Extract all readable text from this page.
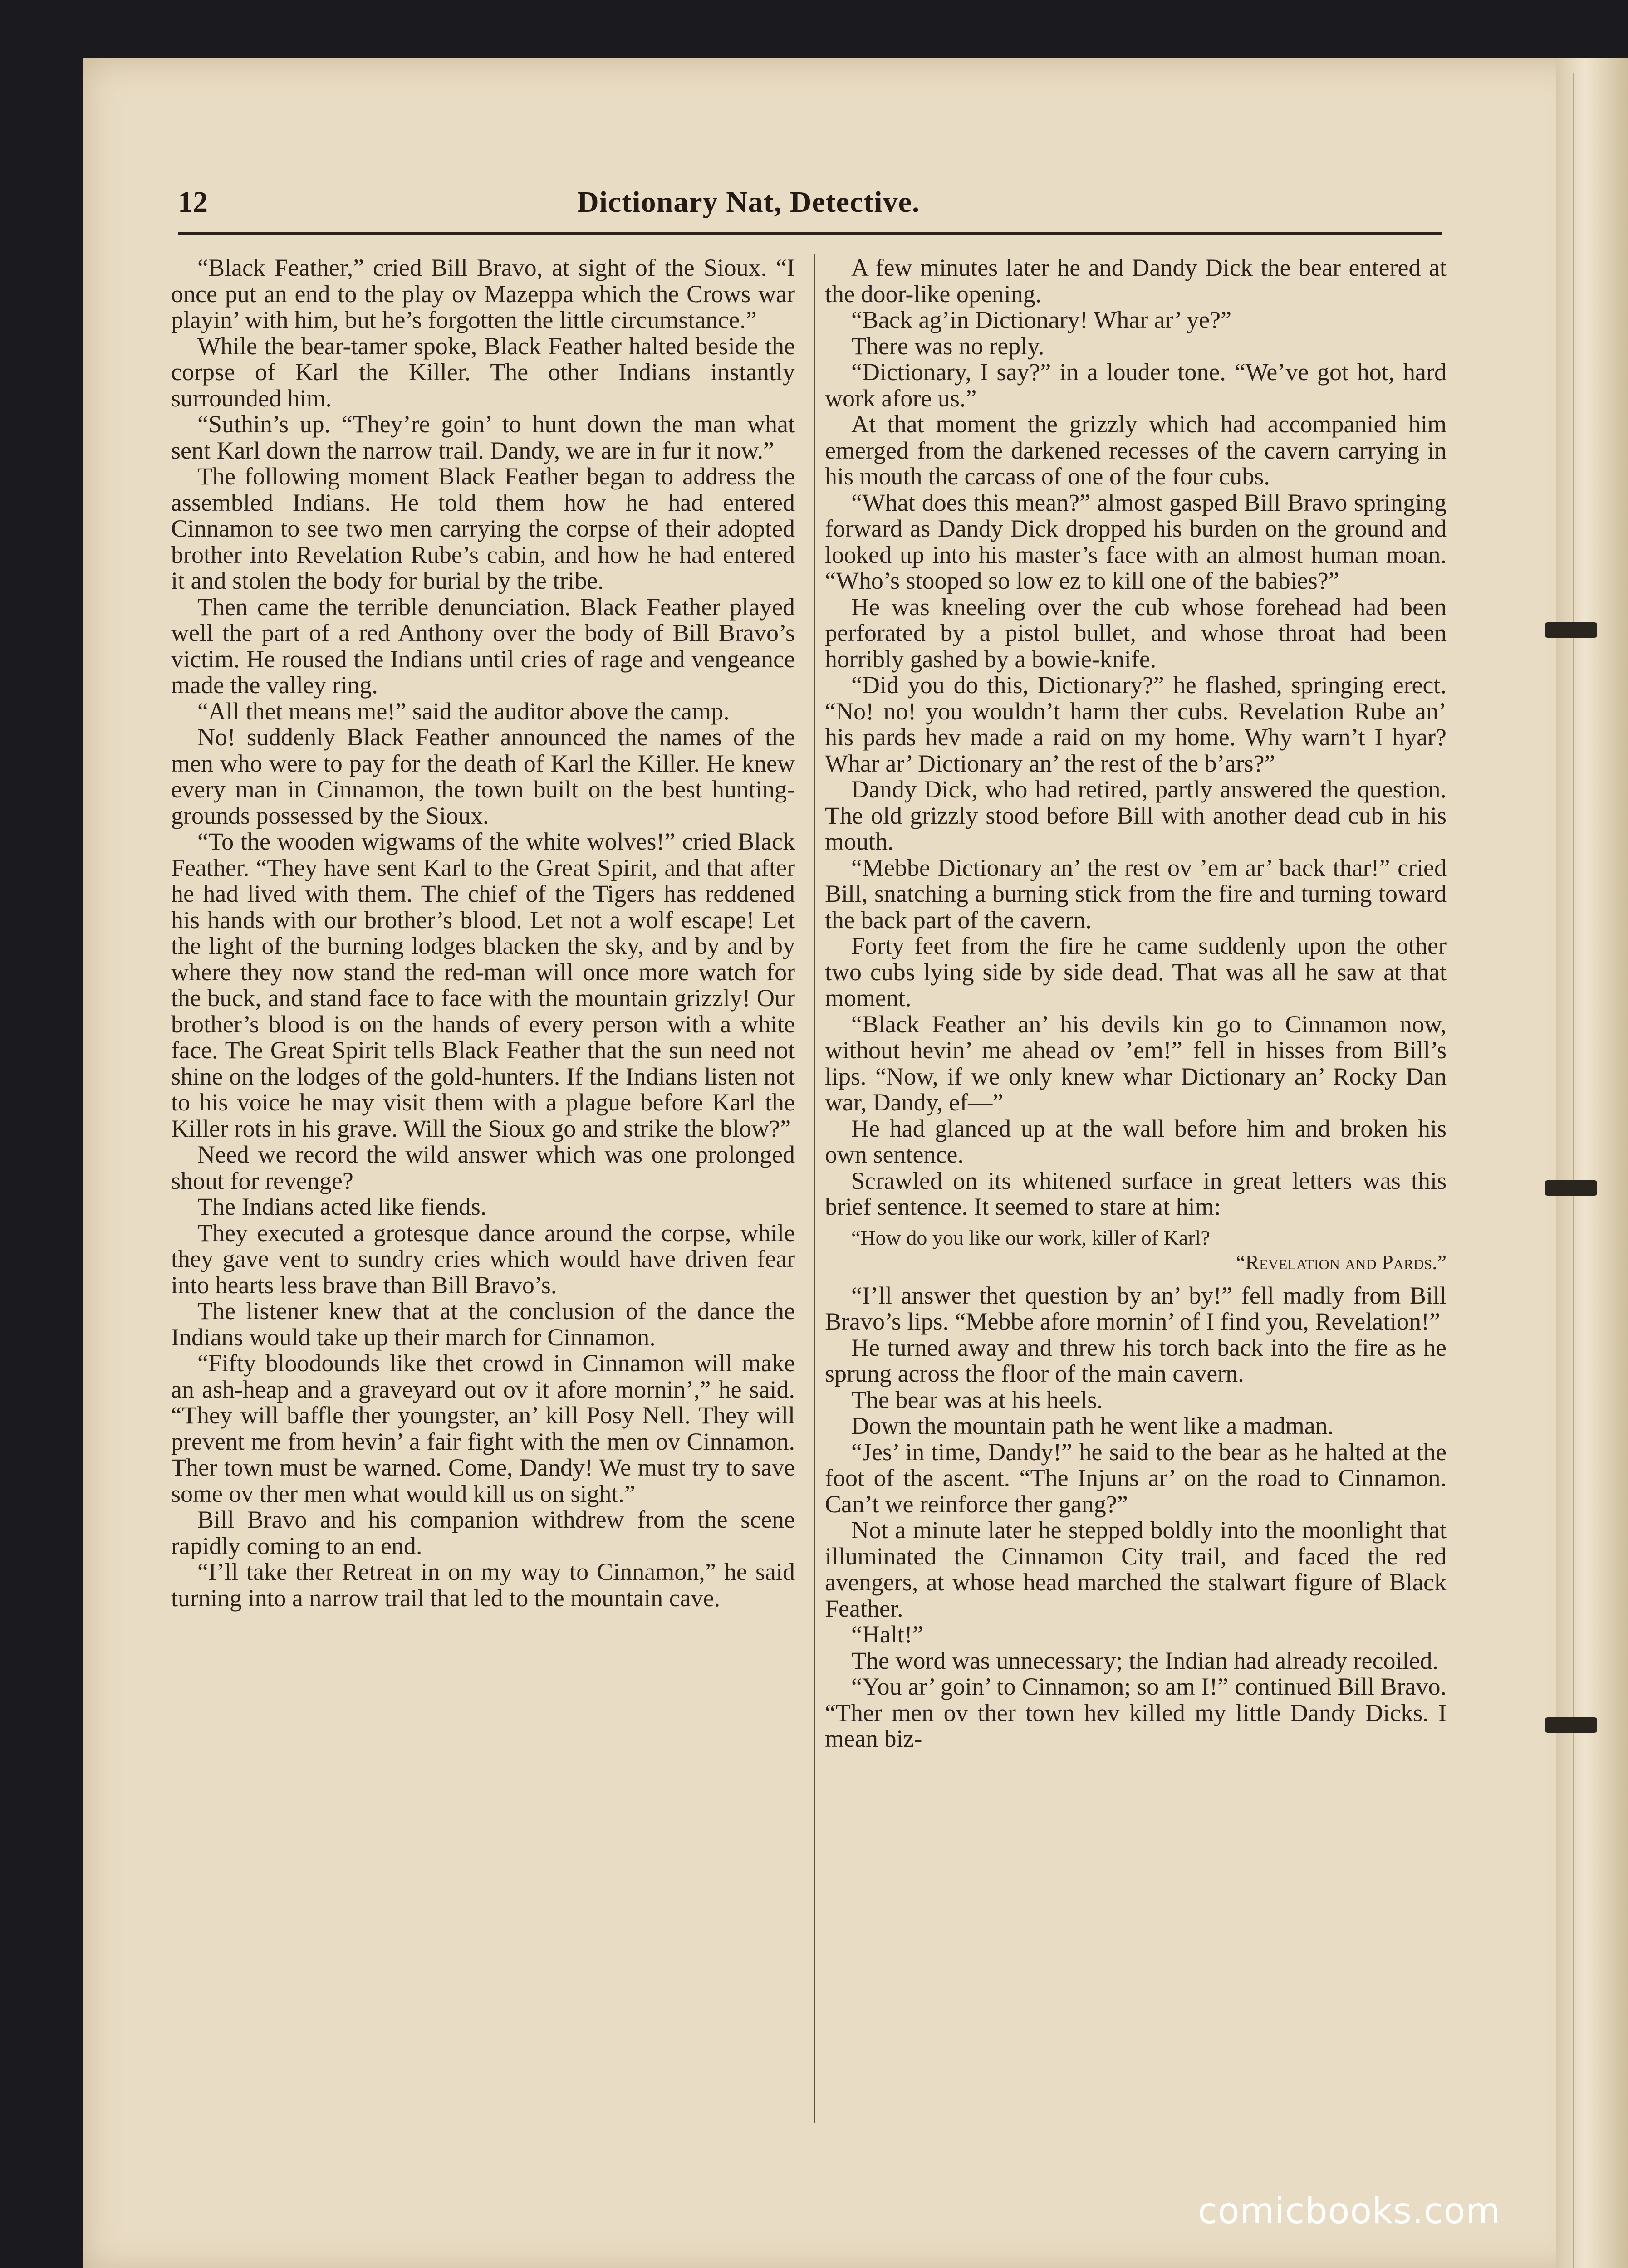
12	Dictionary Nat, Detective.

“Black Feather,” cried Bill Bravo, at sight of the Sioux. “I once put an end to the play ov Mazeppa which the Crows war playin’ with him, but he’s forgotten the little circumstance.”

While the bear-tamer spoke, Black Feather halted beside the corpse of Karl the Killer. The other Indians instantly surrounded him.

“Suthin’s up. “They’re goin’ to hunt down the man what sent Karl down the narrow trail. Dandy, we are in fur it now.”

The following moment Black Feather began to address the assembled Indians. He told them how he had entered Cinnamon to see two men carrying the corpse of their adopted brother into Revelation Rube’s cabin, and how he had entered it and stolen the body for burial by the tribe.

Then came the terrible denunciation. Black Feather played well the part of a red Anthony over the body of Bill Bravo’s victim. He roused the Indians until cries of rage and vengeance made the valley ring.

“All thet means me!” said the auditor above the camp.

No! suddenly Black Feather announced the names of the men who were to pay for the death of Karl the Killer. He knew every man in Cinnamon, the town built on the best hunting-grounds possessed by the Sioux.

“To the wooden wigwams of the white wolves!” cried Black Feather. “They have sent Karl to the Great Spirit, and that after he had lived with them. The chief of the Tigers has reddened his hands with our brother’s blood. Let not a wolf escape! Let the light of the burning lodges blacken the sky, and by and by where they now stand the red-man will once more watch for the buck, and stand face to face with the mountain grizzly! Our brother’s blood is on the hands of every person with a white face. The Great Spirit tells Black Feather that the sun need not shine on the lodges of the gold-hunters. If the Indians listen not to his voice he may visit them with a plague before Karl the Killer rots in his grave. Will the Sioux go and strike the blow?”

Need we record the wild answer which was one prolonged shout for revenge?

The Indians acted like fiends.

They executed a grotesque dance around the corpse, while they gave vent to sundry cries which would have driven fear into hearts less brave than Bill Bravo’s.

The listener knew that at the conclusion of the dance the Indians would take up their march for Cinnamon.

“Fifty bloodounds like thet crowd in Cinnamon will make an ash-heap and a graveyard out ov it afore mornin’,” he said. “They will baffle ther youngster, an’ kill Posy Nell. They will prevent me from hevin’ a fair fight with the men ov Cinnamon. Ther town must be warned. Come, Dandy! We must try to save some ov ther men what would kill us on sight.”

Bill Bravo and his companion withdrew from the scene rapidly coming to an end.

“I’ll take ther Retreat in on my way to Cinnamon,” he said turning into a narrow trail that led to the mountain cave.

A few minutes later he and Dandy Dick the bear entered at the door-like opening.

“Back ag’in Dictionary! Whar ar’ ye?”

There was no reply.

“Dictionary, I say?” in a louder tone. “We’ve got hot, hard work afore us.”

At that moment the grizzly which had accompanied him emerged from the darkened recesses of the cavern carrying in his mouth the carcass of one of the four cubs.

“What does this mean?” almost gasped Bill Bravo springing forward as Dandy Dick dropped his burden on the ground and looked up into his master’s face with an almost human moan. “Who’s stooped so low ez to kill one of the babies?”

He was kneeling over the cub whose forehead had been perforated by a pistol bullet, and whose throat had been horribly gashed by a bowie-knife.

“Did you do this, Dictionary?” he flashed, springing erect. “No! no! you wouldn’t harm ther cubs. Revelation Rube an’ his pards hev made a raid on my home. Why warn’t I hyar? Whar ar’ Dictionary an’ the rest of the b’ars?”

Dandy Dick, who had retired, partly answered the question. The old grizzly stood before Bill with another dead cub in his mouth.

“Mebbe Dictionary an’ the rest ov ’em ar’ back thar!” cried Bill, snatching a burning stick from the fire and turning toward the back part of the cavern.

Forty feet from the fire he came suddenly upon the other two cubs lying side by side dead. That was all he saw at that moment.

“Black Feather an’ his devils kin go to Cinnamon now, without hevin’ me ahead ov ’em!” fell in hisses from Bill’s lips. “Now, if we only knew whar Dictionary an’ Rocky Dan war, Dandy, ef—”

He had glanced up at the wall before him and broken his own sentence.

Scrawled on its whitened surface in great letters was this brief sentence. It seemed to stare at him:

“How do you like our work, killer of Karl?

“Revelation and Pards.”

“I’ll answer thet question by an’ by!” fell madly from Bill Bravo’s lips. “Mebbe afore mornin’ of I find you, Revelation!”

He turned away and threw his torch back into the fire as he sprung across the floor of the main cavern.

The bear was at his heels.

Down the mountain path he went like a madman.

“Jes’ in time, Dandy!” he said to the bear as he halted at the foot of the ascent. “The Injuns ar’ on the road to Cinnamon. Can’t we reinforce ther gang?”

Not a minute later he stepped boldly into the moonlight that illuminated the Cinnamon City trail, and faced the red avengers, at whose head marched the stalwart figure of Black Feather.

“Halt!”

The word was unnecessary; the Indian had already recoiled.

“You ar’ goin’ to Cinnamon; so am I!” continued Bill Bravo. “Ther men ov ther town hev killed my little Dandy Dicks. I mean biz-

comicbooks.com
